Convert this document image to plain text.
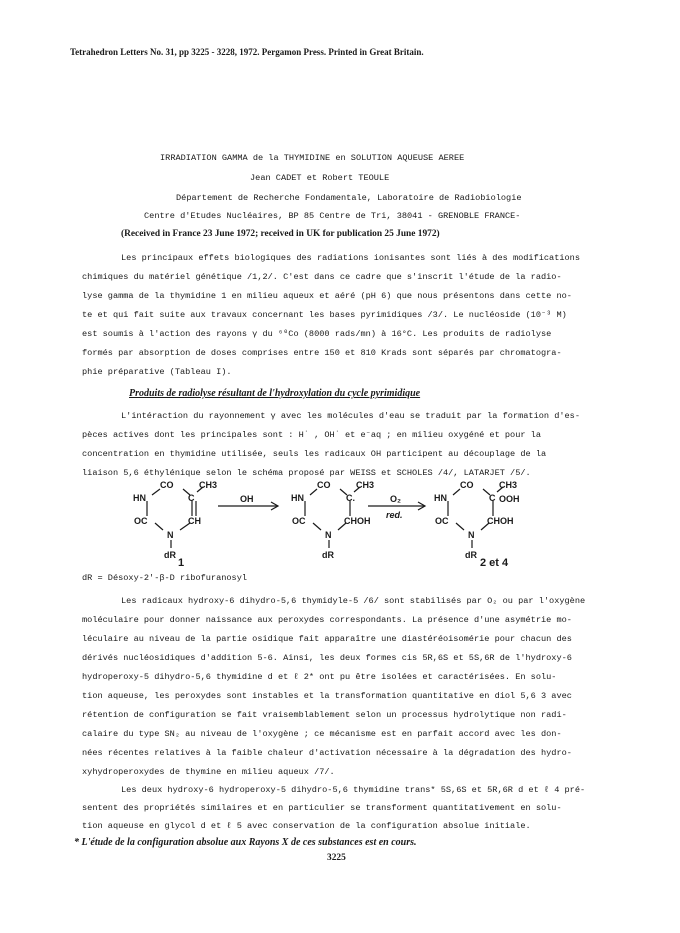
Tetrahedron Letters No. 31, pp 3225 - 3228, 1972. Pergamon Press. Printed in Great Britain.
IRRADIATION GAMMA de la THYMIDINE en SOLUTION AQUEUSE AEREE
Jean CADET et Robert TEOULE
Département de Recherche Fondamentale, Laboratoire de Radiobiologie
Centre d'Etudes Nucléaires, BP 85 Centre de Tri, 38041 - GRENOBLE FRANCE-
(Received in France 23 June 1972; received in UK for publication 25 June 1972)
Les principaux effets biologiques des radiations ionisantes sont liés à des modifications
chimiques du matériel génétique /1,2/. C'est dans ce cadre que s'inscrit l'étude de la radio-
lyse gamma de la thymidine 1 en milieu aqueux et aéré (pH 6) que nous présentons dans cette no-
te et qui fait suite aux travaux concernant les bases pyrimidiques /3/. Le nucléoside (10⁻³ M)
est soumis à l'action des rayons γ du ⁶⁰Co (8000 rads/mn) à 16°C. Les produits de radiolyse
formés par absorption de doses comprises entre 150 et 810 Krads sont séparés par chromatogra-
phie préparative (Tableau I).
Produits de radiolyse résultant de l'hydroxylation du cycle pyrimidique
L'intéraction du rayonnement γ avec les molécules d'eau se traduit par la formation d'es-
pèces actives dont les principales sont : H˙ , OH˙ et e⁻aq ; en milieu oxygéné et pour la
concentration en thymidine utilisée, seuls les radicaux OH participent au découplage de la
liaison 5,6 éthylénique selon le schéma proposé par WEISS et SCHOLES /4/, LATARJET /5/.
CO	CH3
HN	C
OC	CH
N
dR
1
OH
CO	CH3
HN	C.
OC	CHOH
N
dR
O₂
red.
CO	CH3
HN	C OOH
OC	CHOH
N
dR
2 et 4
dR = Désoxy-2'-β-D ribofuranosyl
Les radicaux hydroxy-6 dihydro-5,6 thymidyle-5 /6/ sont stabilisés par O₂ ou par l'oxygène
moléculaire pour donner naissance aux peroxydes correspondants. La présence d'une asymétrie mo-
léculaire au niveau de la partie osidique fait apparaître une diastéréoisomérie pour chacun des
dérivés nucléosidiques d'addition 5-6. Ainsi, les deux formes cis 5R,6S et 5S,6R de l'hydroxy-6
hydroperoxy-5 dihydro-5,6 thymidine d et ℓ 2* ont pu être isolées et caractérisées. En solu-
tion aqueuse, les peroxydes sont instables et la transformation quantitative en diol 5,6 3 avec
rétention de configuration se fait vraisemblablement selon un processus hydrolytique non radi-
calaire du type SN₂ au niveau de l'oxygène ; ce mécanisme est en parfait accord avec les don-
nées récentes relatives à la faible chaleur d'activation nécessaire à la dégradation des hydro-
xyhydroperoxydes de thymine en milieu aqueux /7/.
Les deux hydroxy-6 hydroperoxy-5 dihydro-5,6 thymidine trans* 5S,6S et 5R,6R d et ℓ 4 pré-
sentent des propriétés similaires et en particulier se transforment quantitativement en solu-
tion aqueuse en glycol d et ℓ 5 avec conservation de la configuration absolue initiale.
* L'étude de la configuration absolue aux Rayons X de ces substances est en cours.
3225
